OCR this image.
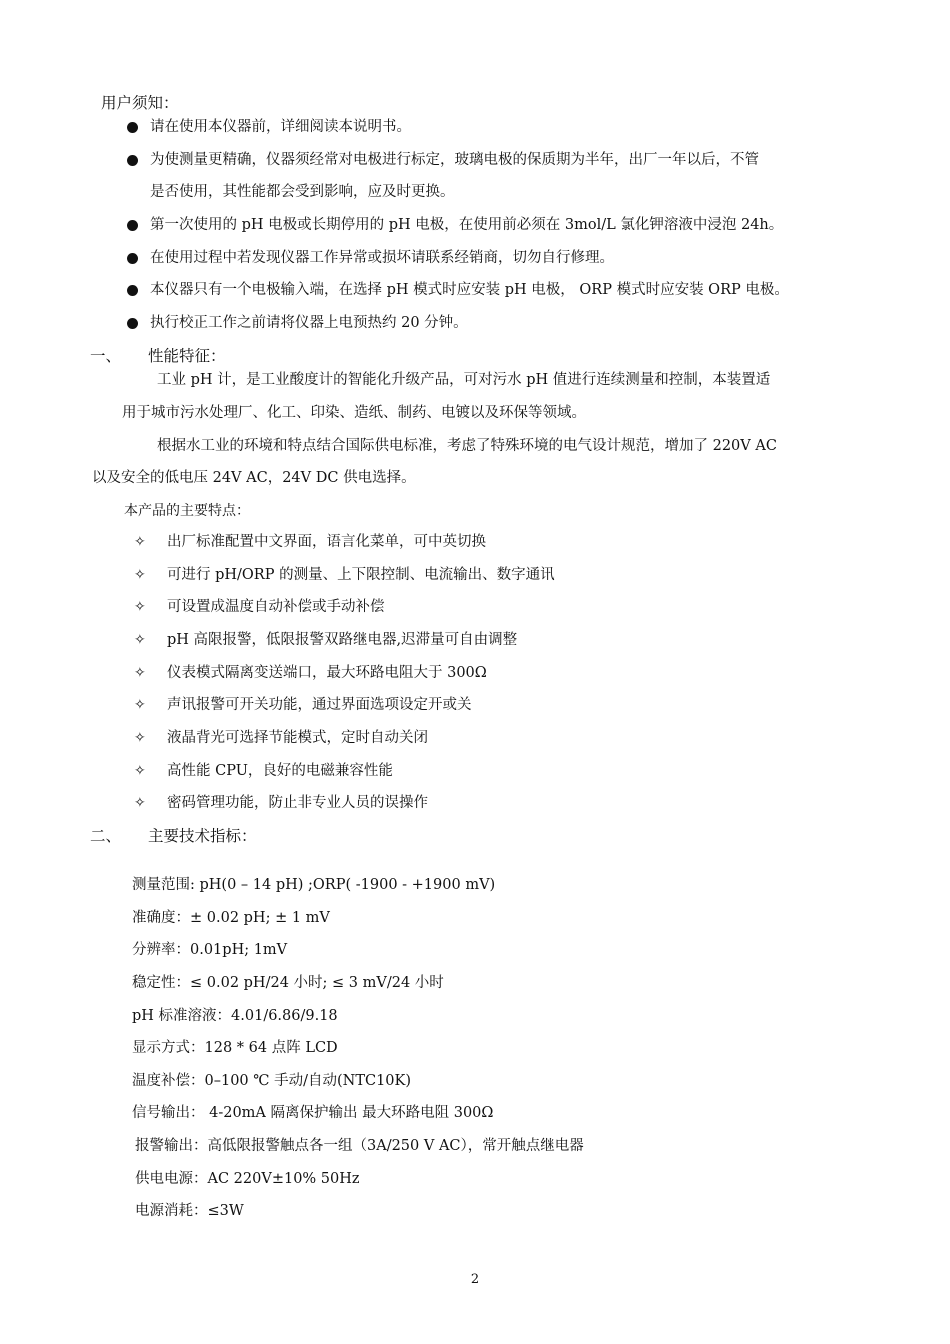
用户须知：
请在使用本仪器前，详细阅读本说明书。
为使测量更精确，仪器须经常对电极进行标定，玻璃电极的保质期为半年，出厂一年以后，不管
是否使用，其性能都会受到影响，应及时更换。
第一次使用的 pH 电极或长期停用的 pH 电极，在使用前必须在 3mol/L 氯化钾溶液中浸泡 24h。
在使用过程中若发现仪器工作异常或损坏请联系经销商，切勿自行修理。
本仪器只有一个电极输入端，在选择 pH 模式时应安装 pH 电极， ORP 模式时应安装 ORP 电极。
执行校正工作之前请将仪器上电预热约 20 分钟。
一、 性能特征：
工业 pH 计，是工业酸度计的智能化升级产品，可对污水 pH 值进行连续测量和控制，本装置适
用于城市污水处理厂、化工、印染、造纸、制药、电镀以及环保等领域。
根据水工业的环境和特点结合国际供电标准，考虑了特殊环境的电气设计规范，增加了 220V AC
以及安全的低电压 24V AC，24V DC 供电选择。
本产品的主要特点：
✧ 出厂标准配置中文界面，语言化菜单，可中英切换
✧ 可进行 pH/ORP 的测量、上下限控制、电流输出、数字通讯
✧ 可设置成温度自动补偿或手动补偿
✧ pH 高限报警，低限报警双路继电器,迟滞量可自由调整
✧ 仪表模式隔离变送端口，最大环路电阻大于 300Ω
✧ 声讯报警可开关功能，通过界面选项设定开或关
✧ 液晶背光可选择节能模式，定时自动关闭
✧ 高性能 CPU，良好的电磁兼容性能
✧ 密码管理功能，防止非专业人员的误操作
二、 主要技术指标：
测量范围: pH(0 – 14 pH) ;ORP( -1900 - +1900 mV)
准确度：± 0.02 pH; ± 1 mV
分辨率：0.01pH; 1mV
稳定性：≤ 0.02 pH/24 小时; ≤ 3 mV/24 小时
pH 标准溶液：4.01/6.86/9.18
显示方式：128 * 64 点阵 LCD
温度补偿：0–100 ℃ 手动/自动(NTC10K)
信号输出： 4-20mA 隔离保护输出 最大环路电阻 300Ω
报警输出：高低限报警触点各一组（3A/250 V AC），常开触点继电器
供电电源：AC 220V±10% 50Hz
电源消耗：≤3W
2
